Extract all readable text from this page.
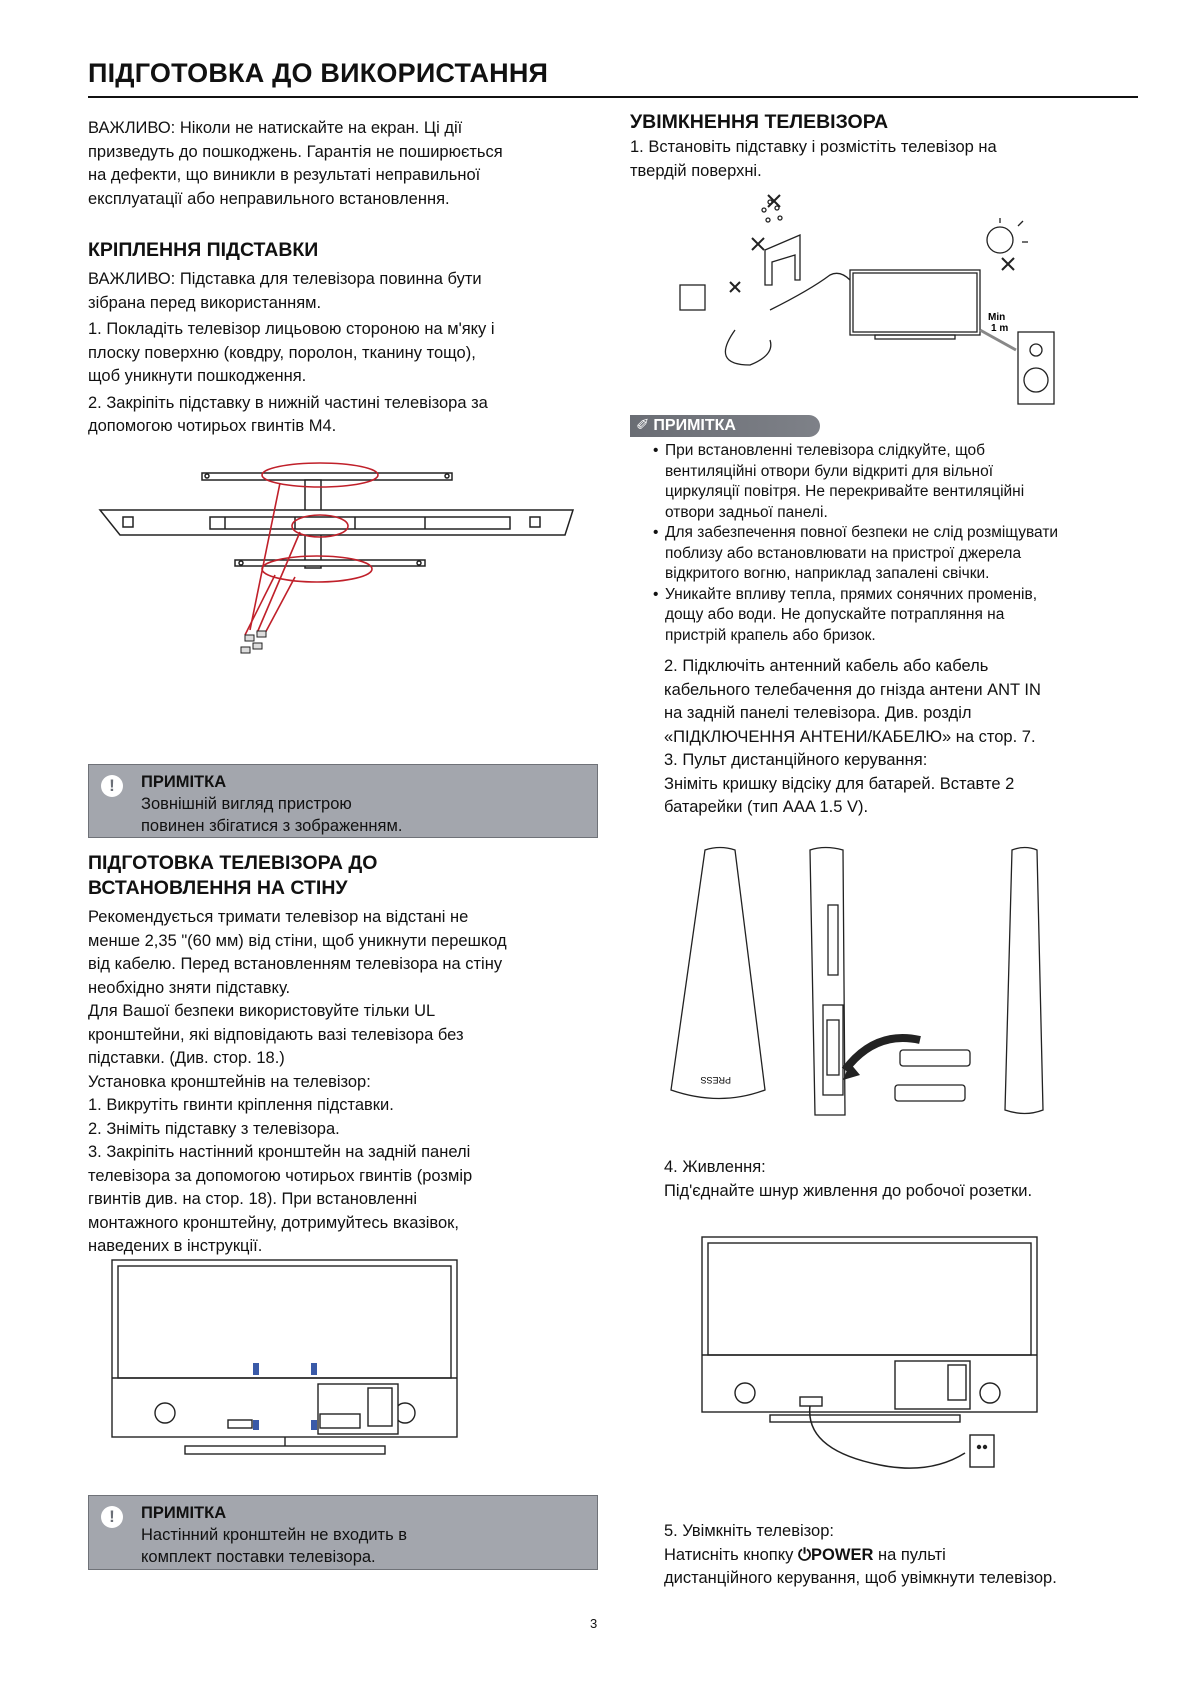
ПІДГОТОВКА ДО ВИКОРИСТАННЯ

ВАЖЛИВО: Ніколи не натискайте на екран. Ці дії

призведуть до пошкоджень. Гарантія не поширюється

на дефекти, що виникли в результаті неправильної

експлуатації або неправильного встановлення.

КРІПЛЕННЯ ПІДСТАВКИ

ВАЖЛИВО: Підставка для телевізора повинна бути

зібрана перед використанням.

1. Покладіть телевізор лицьовою стороною на м'яку і

плоску поверхню (ковдру, поролон, тканину тощо),

щоб уникнути пошкодження.

2. Закріпіть підставку в нижній частині телевізора за

допомогою чотирьох гвинтів М4.

!	ПРИМІТКА
Зовнішній вигляд пристрою
повинен збігатися з зображенням.
ПІДГОТОВКА ТЕЛЕВІЗОРА ДО
ВСТАНОВЛЕННЯ НА СТІНУ

Рекомендується тримати телевізор на відстані не

менше 2,35 "(60 мм) від стіни, щоб уникнути перешкод

від кабелю. Перед встановленням телевізора на стіну

необхідно зняти підставку.

Для Вашої безпеки використовуйте тільки UL

кронштейни, які відповідають вазі телевізора без

підставки. (Див. стор. 18.)

Установка кронштейнів на телевізор:

1. Викрутіть гвинти кріплення підставки.

2. Зніміть підставку з телевізора.

3. Закріпіть настінний кронштейн на задній панелі

телевізора за допомогою чотирьох гвинтів (розмір

гвинтів див. на стор. 18). При встановленні

монтажного кронштейну, дотримуйтесь вказівок,

наведених в інструкції.

!	ПРИМІТКА
Настінний кронштейн не входить в
комплект поставки телевізора.
УВІМКНЕННЯ ТЕЛЕВІЗОРА

1. Встановіть підставку і розмістіть телевізор на

твердій поверхні.

Min
1 m
✐ ПРИМІТКА
• При встановленні телевізора слідкуйте, щоб
вентиляційні отвори були відкриті для вільної
циркуляції повітря. Не перекривайте вентиляційні
отвори задньої панелі.
• Для забезпечення повної безпеки не слід розміщувати
поблизу або встановлювати на пристрої джерела
відкритого вогню, наприклад запалені свічки.
• Уникайте впливу тепла, прямих сонячних променів,
дощу або води. Не допускайте потрапляння на
пристрій крапель або бризок.

2. Підключіть антенний кабель або кабель

кабельного телебачення до гнізда антени ANT IN

на задній панелі телевізора. Див. розділ

«ПІДКЛЮЧЕННЯ АНТЕНИ/КАБЕЛЮ» на стор. 7.

3. Пульт дистанційного керування:

Зніміть кришку відсіку для батарей. Вставте 2

батарейки (тип AAA 1.5 V).

PRESS

4. Живлення:

Під'єднайте шнур живлення до робочої розетки.

5. Увімкніть телевізор:

Натисніть кнопку ⏻POWER на пульті

дистанційного керування, щоб увімкнути телевізор.

3
